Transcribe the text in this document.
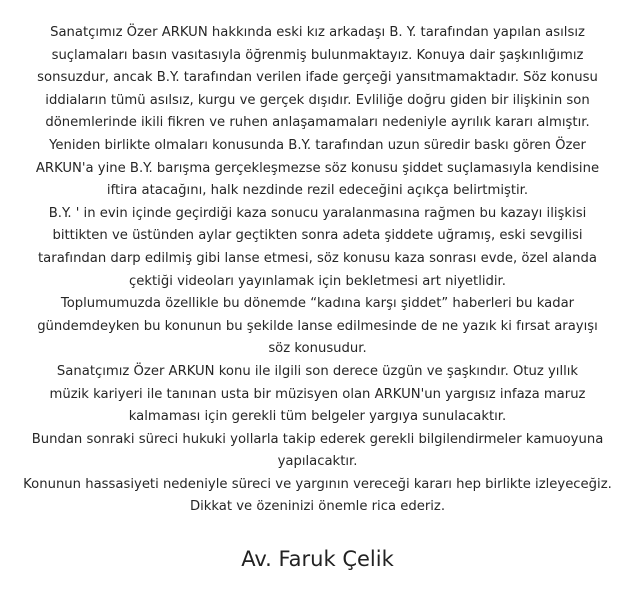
Sanatçımız Özer ARKUN hakkında eski kız arkadaşı B. Y. tarafından yapılan asılsız
suçlamaları basın vasıtasıyla öğrenmiş bulunmaktayız. Konuya dair şaşkınlığımız
sonsuzdur, ancak B.Y. tarafından verilen ifade gerçeği yansıtmamaktadır. Söz konusu
iddiaların tümü asılsız, kurgu ve gerçek dışıdır. Evliliğe doğru giden bir ilişkinin son
dönemlerinde ikili fikren ve ruhen anlaşamamaları nedeniyle ayrılık kararı almıştır.
Yeniden birlikte olmaları konusunda B.Y. tarafından uzun süredir baskı gören Özer
ARKUN'a yine B.Y. barışma gerçekleşmezse söz konusu şiddet suçlamasıyla kendisine
iftira atacağını, halk nezdinde rezil edeceğini açıkça belirtmiştir.

B.Y. ' in evin içinde geçirdiği kaza sonucu yaralanmasına rağmen bu kazayı ilişkisi
bittikten ve üstünden aylar geçtikten sonra adeta şiddete uğramış, eski sevgilisi
tarafından darp edilmiş gibi lanse etmesi, söz konusu kaza sonrası evde, özel alanda
çektiği videoları yayınlamak için bekletmesi art niyetlidir.

Toplumumuzda özellikle bu dönemde “kadına karşı şiddet” haberleri bu kadar
gündemdeyken bu konunun bu şekilde lanse edilmesinde de ne yazık ki fırsat arayışı
söz konusudur.

Sanatçımız Özer ARKUN konu ile ilgili son derece üzgün ve şaşkındır. Otuz yıllık
müzik kariyeri ile tanınan usta bir müzisyen olan ARKUN'un yargısız infaza maruz
kalmaması için gerekli tüm belgeler yargıya sunulacaktır.

Bundan sonraki süreci hukuki yollarla takip ederek gerekli bilgilendirmeler kamuoyuna
yapılacaktır.

Konunun hassasiyeti nedeniyle süreci ve yargının vereceği kararı hep birlikte izleyeceğiz.
Dikkat ve özeninizi önemle rica ederiz.

Av. Faruk Çelik
